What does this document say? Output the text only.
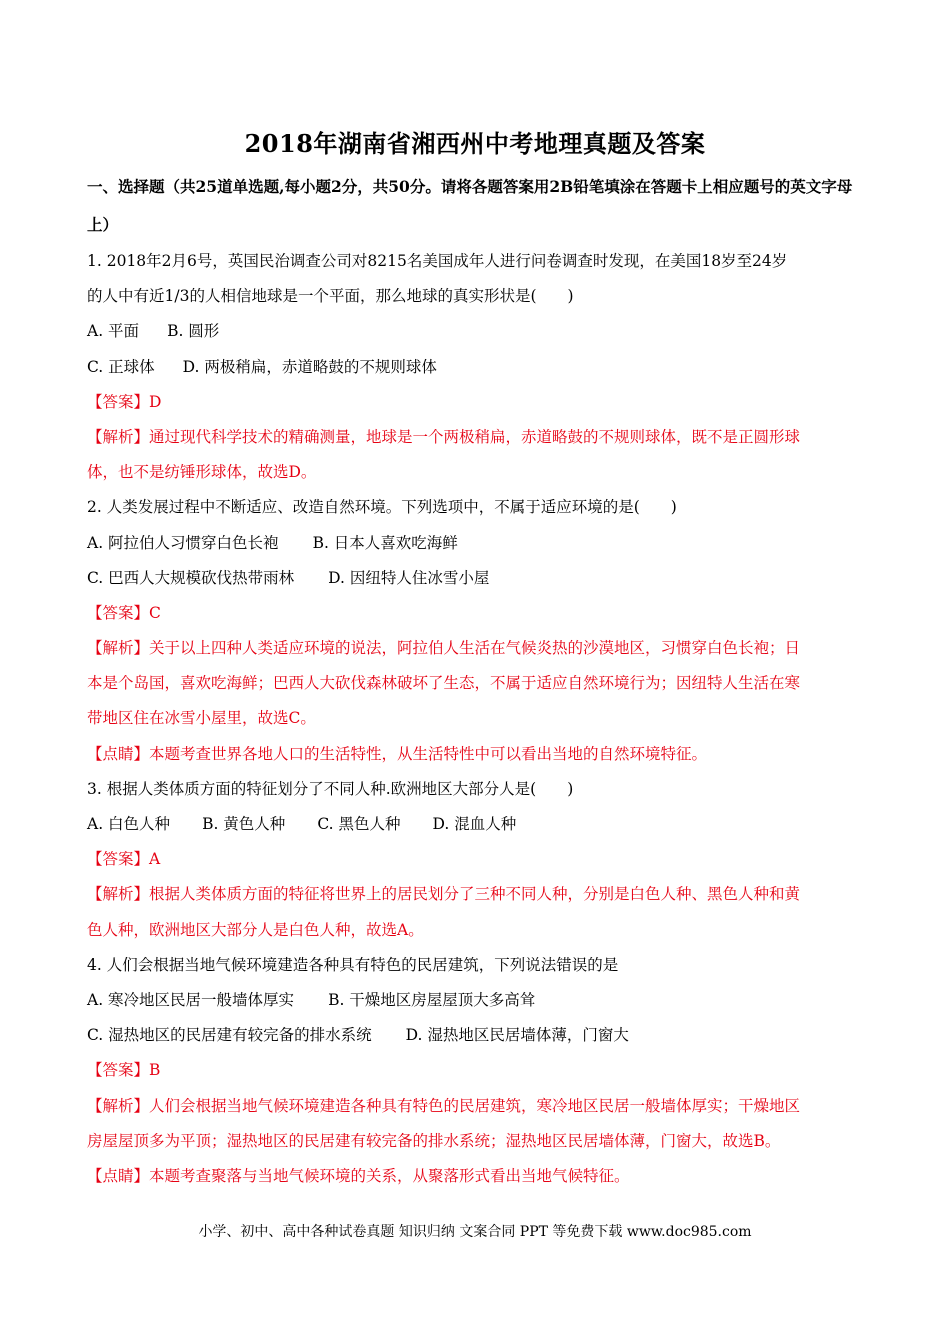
2018年湖南省湘西州中考地理真题及答案
一、选择题（共25道单选题,每小题2分，共50分。请将各题答案用2B铅笔填涂在答题卡上相应题号的英文字母上）
1. 2018年2月6号，英国民治调查公司对8215名美国成年人进行问卷调查时发现，在美国18岁至24岁
的人中有近1/3的人相信地球是一个平面，那么地球的真实形状是(　　)
A. 平面 B. 圆形
C. 正球体 D. 两极稍扁，赤道略鼓的不规则球体
【答案】D
【解析】通过现代科学技术的精确测量，地球是一个两极稍扁，赤道略鼓的不规则球体，既不是正圆形球
体，也不是纺锤形球体，故选D。
2. 人类发展过程中不断适应、改造自然环境。下列选项中，不属于适应环境的是(　　)
A. 阿拉伯人习惯穿白色长袍 B. 日本人喜欢吃海鲜
C. 巴西人大规模砍伐热带雨林 D. 因纽特人住冰雪小屋
【答案】C
【解析】关于以上四种人类适应环境的说法，阿拉伯人生活在气候炎热的沙漠地区，习惯穿白色长袍；日
本是个岛国，喜欢吃海鲜；巴西人大砍伐森林破坏了生态，不属于适应自然环境行为；因纽特人生活在寒
带地区住在冰雪小屋里，故选C。
【点睛】本题考查世界各地人口的生活特性，从生活特性中可以看出当地的自然环境特征。
3. 根据人类体质方面的特征划分了不同人种.欧洲地区大部分人是(　　)
A. 白色人种 B. 黄色人种 C. 黑色人种 D. 混血人种
【答案】A
【解析】根据人类体质方面的特征将世界上的居民划分了三种不同人种，分别是白色人种、黑色人种和黄
色人种，欧洲地区大部分人是白色人种，故选A。
4. 人们会根据当地气候环境建造各种具有特色的民居建筑，下列说法错误的是
A. 寒冷地区民居一般墙体厚实 B. 干燥地区房屋屋顶大多高耸
C. 湿热地区的民居建有较完备的排水系统 D. 湿热地区民居墙体薄，门窗大
【答案】B
【解析】人们会根据当地气候环境建造各种具有特色的民居建筑，寒冷地区民居一般墙体厚实；干燥地区
房屋屋顶多为平顶；湿热地区的民居建有较完备的排水系统；湿热地区民居墙体薄，门窗大，故选B。
【点睛】本题考查聚落与当地气候环境的关系，从聚落形式看出当地气候特征。
小学、初中、高中各种试卷真题 知识归纳 文案合同 PPT 等免费下载 www.doc985.com
